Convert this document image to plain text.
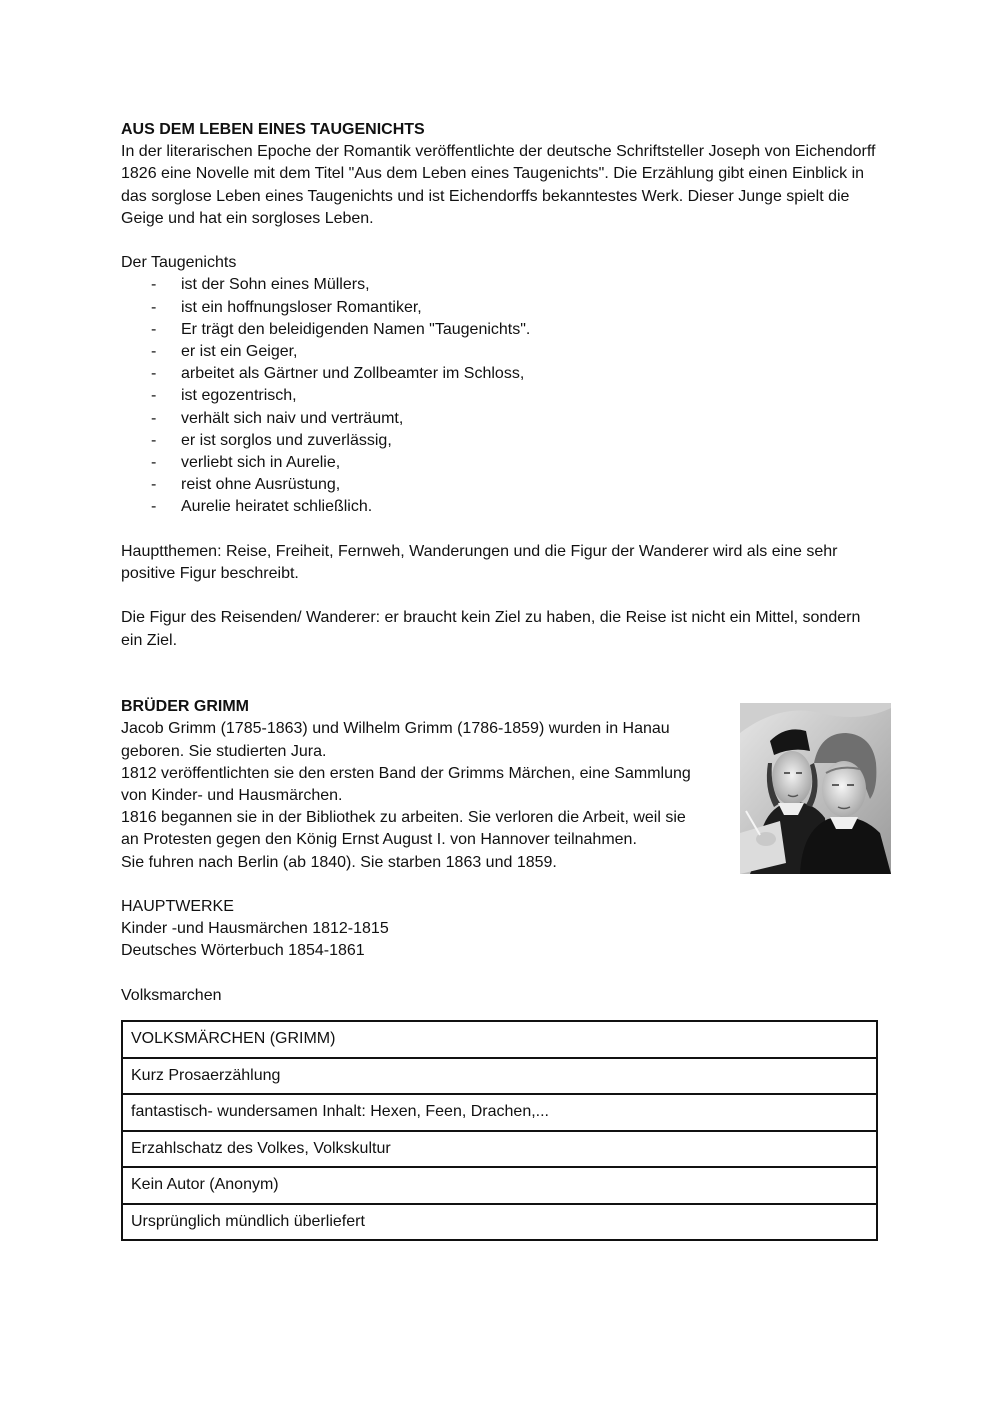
AUS DEM LEBEN EINES TAUGENICHTS

In der literarischen Epoche der Romantik veröffentlichte der deutsche Schriftsteller Joseph von Eichendorff 1826 eine Novelle mit dem Titel "Aus dem Leben eines Taugenichts". Die Erzählung gibt einen Einblick in das sorglose Leben eines Taugenichts und ist Eichendorffs bekanntestes Werk. Dieser Junge spielt die Geige und hat ein sorgloses Leben.

Der Taugenichts

- ist der Sohn eines Müllers,
- ist ein hoffnungsloser Romantiker,
- Er trägt den beleidigenden Namen "Taugenichts".
- er ist ein Geiger,
- arbeitet als Gärtner und Zollbeamter im Schloss,
- ist egozentrisch,
- verhält sich naiv und verträumt,
- er ist sorglos und zuverlässig,
- verliebt sich in Aurelie,
- reist ohne Ausrüstung,
- Aurelie heiratet schließlich.

Hauptthemen: Reise, Freiheit, Fernweh, Wanderungen und die Figur der Wanderer wird als eine sehr positive Figur beschreibt.

Die Figur des Reisenden/ Wanderer: er braucht kein Ziel zu haben, die Reise ist nicht ein Mittel, sondern ein Ziel.

BRÜDER GRIMM

Jacob Grimm (1785-1863) und Wilhelm Grimm (1786-1859) wurden in Hanau

geboren. Sie studierten Jura.

1812 veröffentlichten sie den ersten Band der Grimms Märchen, eine Sammlung

von Kinder- und Hausmärchen.

1816 begannen sie in der Bibliothek zu arbeiten. Sie verloren die Arbeit, weil sie

an Protesten gegen den König Ernst August I. von Hannover teilnahmen.

Sie fuhren nach Berlin (ab 1840). Sie starben 1863 und 1859.

HAUPTWERKE

Kinder -und Hausmärchen 1812-1815

Deutsches Wörterbuch 1854-1861

Volksmarchen

VOLKSMÄRCHEN (GRIMM)
Kurz Prosaerzählung
fantastisch- wundersamen Inhalt: Hexen, Feen, Drachen,...
Erzahlschatz des Volkes, Volkskultur
Kein Autor (Anonym)
Ursprünglich mündlich überliefert
